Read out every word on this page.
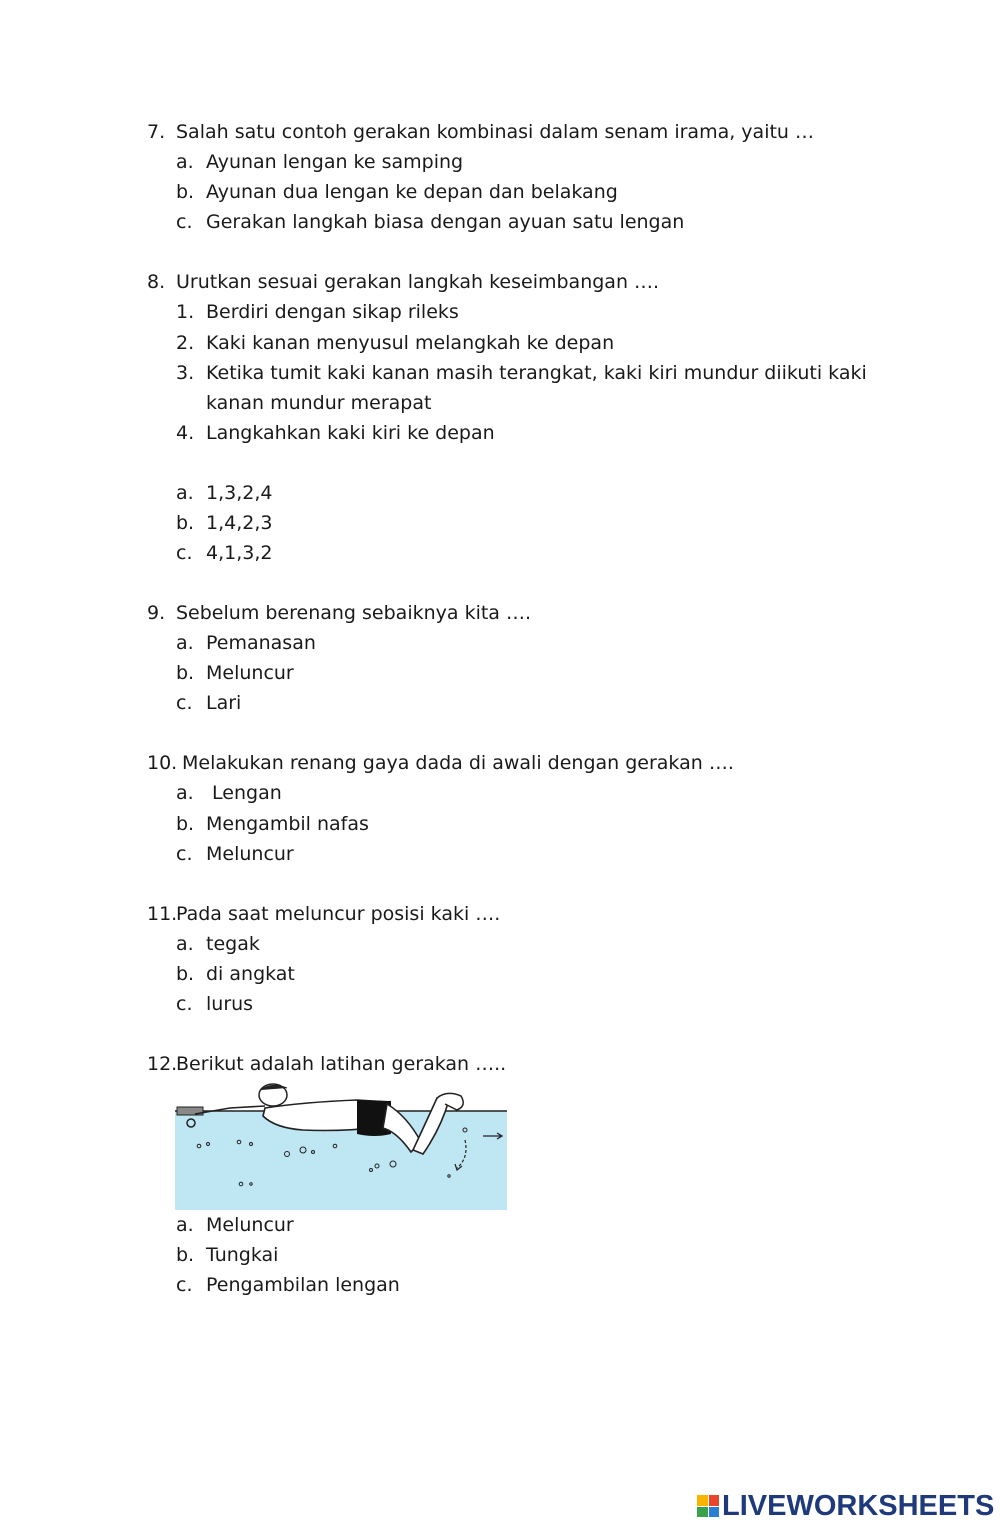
7. Salah satu contoh gerakan kombinasi dalam senam irama, yaitu …
a. Ayunan lengan ke samping
b. Ayunan dua lengan ke depan dan belakang
c. Gerakan langkah biasa dengan ayuan satu lengan
8. Urutkan sesuai gerakan langkah keseimbangan ….
1. Berdiri dengan sikap rileks
2. Kaki kanan menyusul melangkah ke depan
3. Ketika tumit kaki kanan masih terangkat, kaki kiri mundur diikuti kaki
kanan mundur merapat
4. Langkahkan kaki kiri ke depan
a. 1,3,2,4
b. 1,4,2,3
c. 4,1,3,2
9. Sebelum berenang sebaiknya kita ….
a. Pemanasan
b. Meluncur
c. Lari
10. Melakukan renang gaya dada di awali dengan gerakan ….
a. Lengan
b. Mengambil nafas
c. Meluncur
11.
Pada saat meluncur posisi kaki ….
a. tegak
b. di angkat
c. lurus
12.
Berikut adalah latihan gerakan …..
a. Meluncur
b. Tungkai
c. Pengambilan lengan
LIVEWORKSHEETS
